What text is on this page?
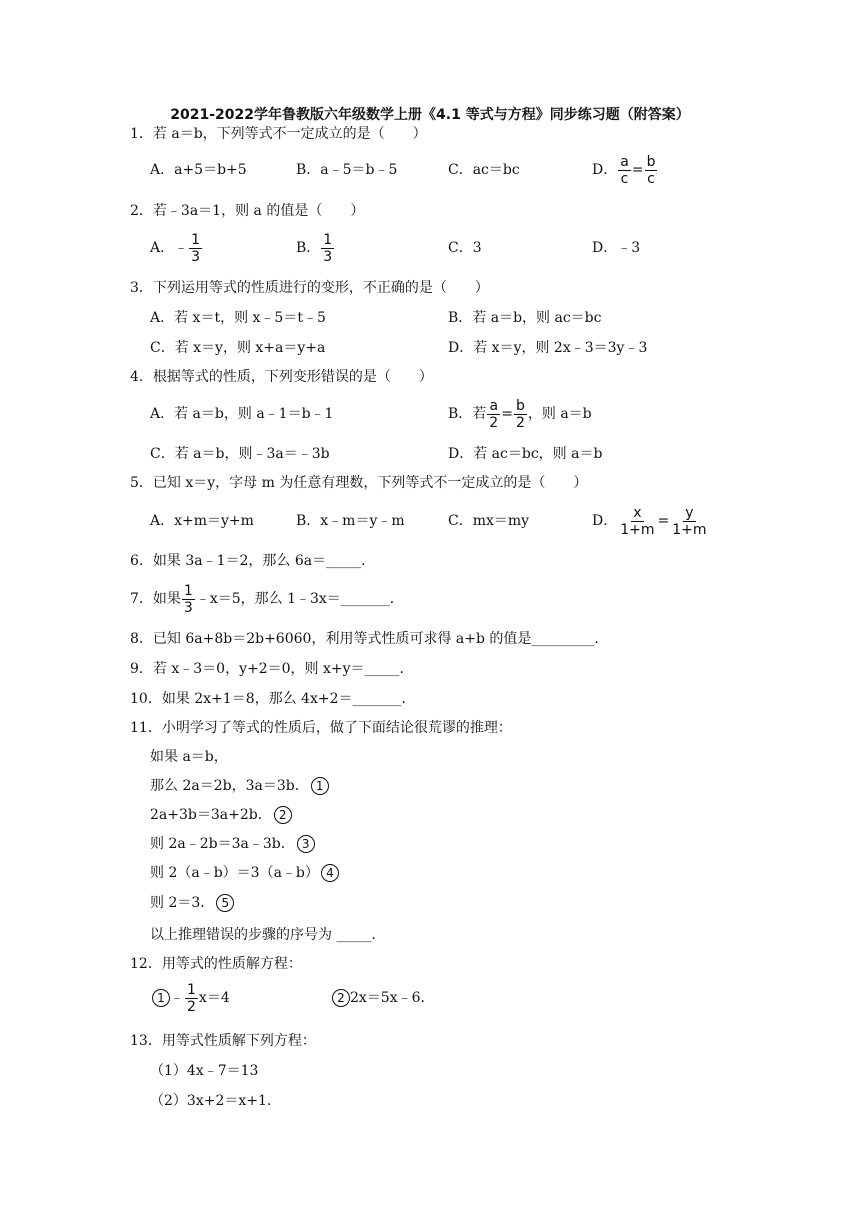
2021-2022学年鲁教版六年级数学上册《4.1 等式与方程》同步练习题（附答案）
1．若 a＝b，下列等式不一定成立的是（　　）
A．a+5＝b+5	B．a﹣5＝b﹣5	C．ac＝bc	D． $\frac{a}{c} = \frac{b}{c}$
2．若﹣3a＝1，则 a 的值是（　　）
A．﹣ $\frac{1}{3}$	B． $\frac{1}{3}$	C．3	D．﹣3
3．下列运用等式的性质进行的变形，不正确的是（　　）
A．若 x＝t，则 x﹣5＝t﹣5	B．若 a＝b，则 ac＝bc
C．若 x＝y，则 x+a＝y+a	D．若 x＝y，则 2x﹣3＝3y﹣3
4．根据等式的性质，下列变形错误的是（　　）
A．若 a＝b，则 a﹣1＝b﹣1	B．若 $\frac{a}{2} = \frac{b}{2}$ ，则 a＝b
C．若 a＝b，则﹣3a＝﹣3b	D．若 ac＝bc，则 a＝b
5．已知 x＝y，字母 m 为任意有理数，下列等式不一定成立的是（　　）
A．x+m＝y+m	B．x﹣m＝y﹣m	C．mx＝my	D． $\frac{x}{1+m} = \frac{y}{1+m}$
6．如果 3a﹣1＝2，那么 6a＝_____．
7．如果 $\frac{1}{3}$ ﹣x＝5，那么 1﹣3x＝_______．
8．已知 6a+8b＝2b+6060，利用等式性质可求得 a+b 的值是_________．
9．若 x﹣3＝0，y+2＝0，则 x+y＝_____．
10．如果 2x+1＝8，那么 4x+2＝_______．
11．小明学习了等式的性质后，做了下面结论很荒谬的推理：
如果 a＝b，
那么 2a＝2b，3a＝3b． 1
2a+3b＝3a+2b． 2
则 2a﹣2b＝3a﹣3b． 3
则 2（a﹣b）＝3（a﹣b） 4
则 2＝3． 5
以上推理错误的步骤的序号为 _____．
12．用等式的性质解方程：
1 ﹣ $\frac{1}{2} x=4$	2 2x＝5x﹣6．
13．用等式性质解下列方程：
（1）4x﹣7＝13
（2）3x+2＝x+1．
